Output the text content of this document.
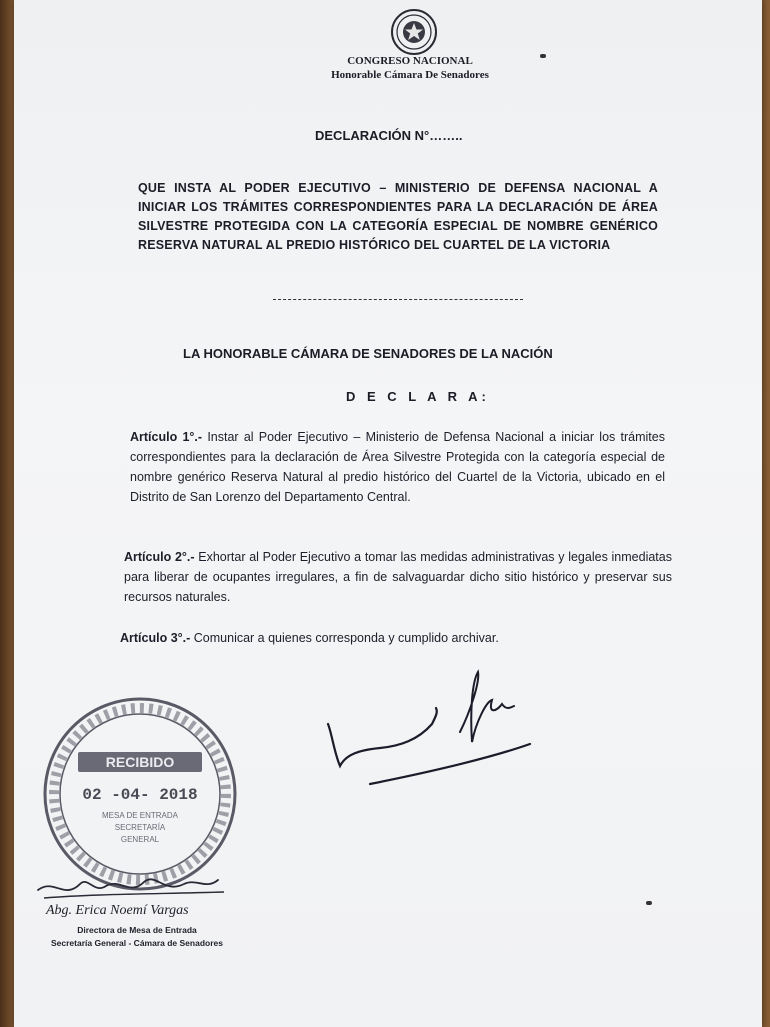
CONGRESO NACIONAL
Honorable Cámara De Senadores
DECLARACIÓN N°……..
QUE INSTA AL PODER EJECUTIVO – MINISTERIO DE DEFENSA NACIONAL A INICIAR LOS TRÁMITES CORRESPONDIENTES PARA LA DECLARACIÓN DE ÁREA SILVESTRE PROTEGIDA CON LA CATEGORÍA ESPECIAL DE NOMBRE GENÉRICO RESERVA NATURAL AL PREDIO HISTÓRICO DEL CUARTEL DE LA VICTORIA
LA HONORABLE CÁMARA DE SENADORES DE LA NACIÓN
D E C L A R A:
Artículo 1°.- Instar al Poder Ejecutivo – Ministerio de Defensa Nacional a iniciar los trámites correspondientes para la declaración de Área Silvestre Protegida con la categoría especial de nombre genérico Reserva Natural al predio histórico del Cuartel de la Victoria, ubicado en el Distrito de San Lorenzo del Departamento Central.
Artículo 2°.- Exhortar al Poder Ejecutivo a tomar las medidas administrativas y legales inmediatas para liberar de ocupantes irregulares, a fin de salvaguardar dicho sitio histórico y preservar sus recursos naturales.
Artículo 3°.- Comunicar a quienes corresponda y cumplido archivar.
RECIBIDO
02 -04- 2018
MESA DE ENTRADA
SECRETARÍA
GENERAL
Abg. Erica Noemí Vargas
Directora de Mesa de Entrada
Secretaría General - Cámara de Senadores
